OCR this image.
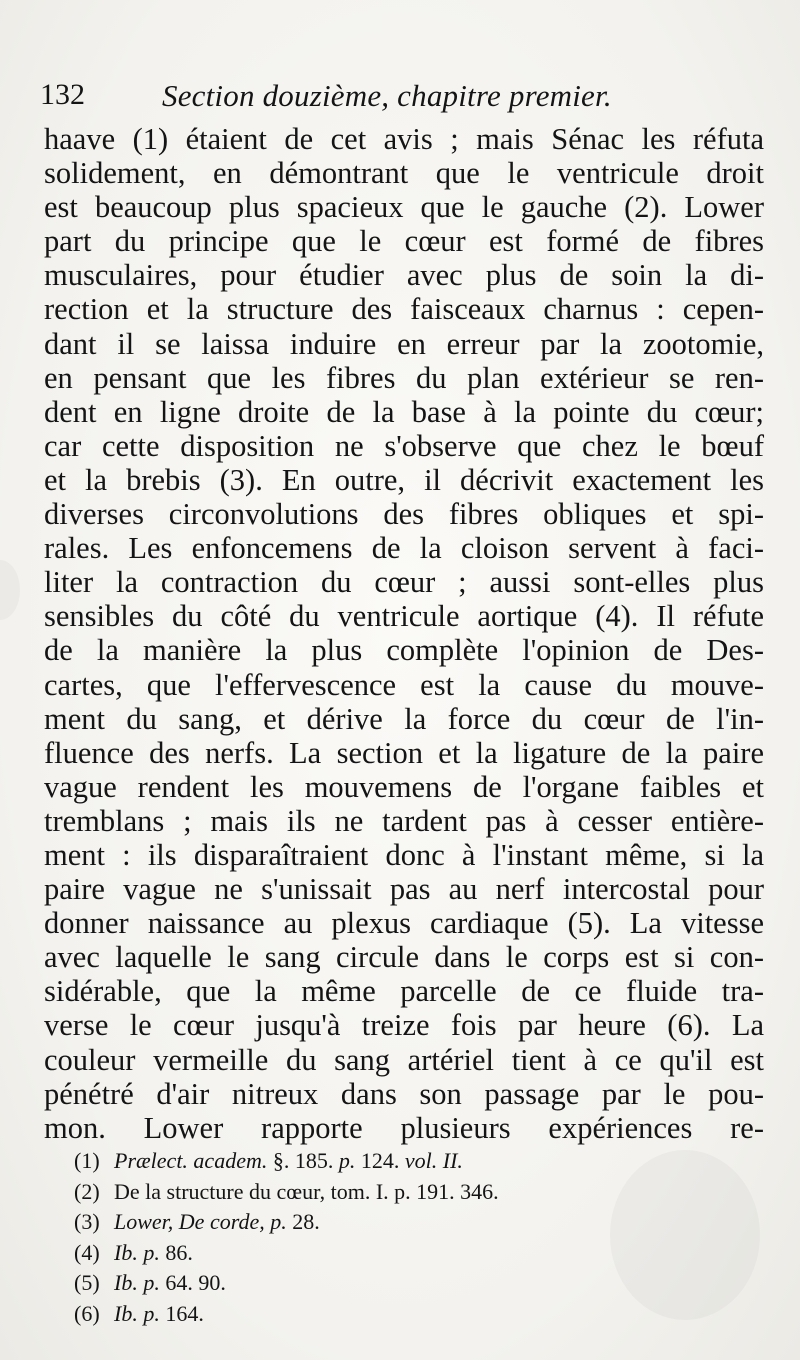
132 Section douzième, chapitre premier.
haave (1) étaient de cet avis ; mais Sénac les réfuta
solidement, en démontrant que le ventricule droit
est beaucoup plus spacieux que le gauche (2). Lower
part du principe que le cœur est formé de fibres
musculaires, pour étudier avec plus de soin la di-
rection et la structure des faisceaux charnus : cepen-
dant il se laissa induire en erreur par la zootomie,
en pensant que les fibres du plan extérieur se ren-
dent en ligne droite de la base à la pointe du cœur;
car cette disposition ne s'observe que chez le bœuf
et la brebis (3). En outre, il décrivit exactement les
diverses circonvolutions des fibres obliques et spi-
rales. Les enfoncemens de la cloison servent à faci-
liter la contraction du cœur ; aussi sont-elles plus
sensibles du côté du ventricule aortique (4). Il réfute
de la manière la plus complète l'opinion de Des-
cartes, que l'effervescence est la cause du mouve-
ment du sang, et dérive la force du cœur de l'in-
fluence des nerfs. La section et la ligature de la paire
vague rendent les mouvemens de l'organe faibles et
tremblans ; mais ils ne tardent pas à cesser entière-
ment : ils disparaîtraient donc à l'instant même, si la
paire vague ne s'unissait pas au nerf intercostal pour
donner naissance au plexus cardiaque (5). La vitesse
avec laquelle le sang circule dans le corps est si con-
sidérable, que la même parcelle de ce fluide tra-
verse le cœur jusqu'à treize fois par heure (6). La
couleur vermeille du sang artériel tient à ce qu'il est
pénétré d'air nitreux dans son passage par le pou-
mon. Lower rapporte plusieurs expériences re-
(1) Prælect. academ. §. 185. p. 124. vol. II.
(2) De la structure du cœur, tom. I. p. 191. 346.
(3) Lower, De corde, p. 28.
(4) Ib. p. 86.
(5) Ib. p. 64. 90.
(6) Ib. p. 164.
